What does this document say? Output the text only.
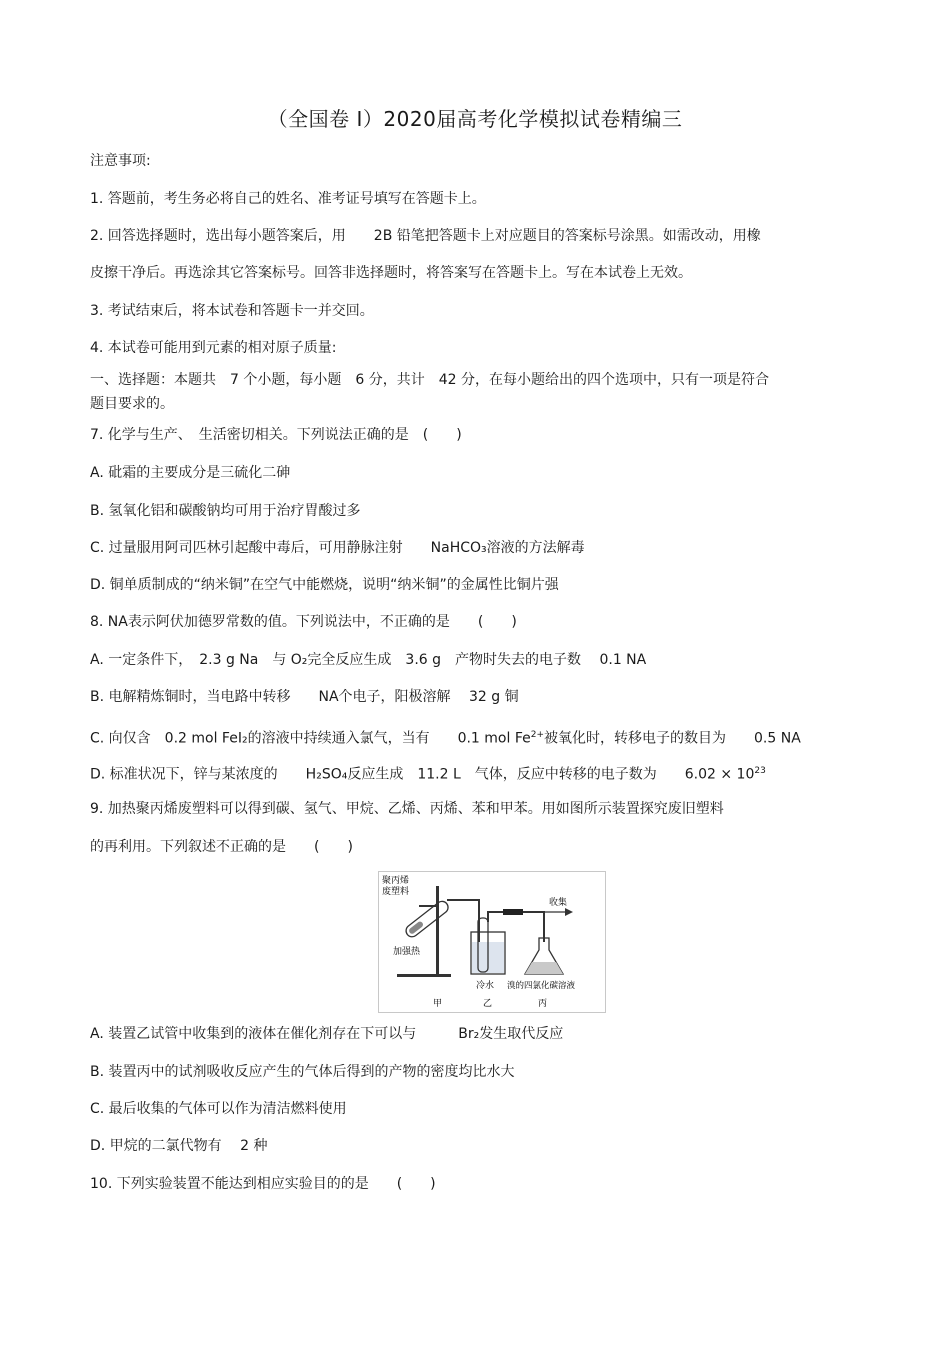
（全国卷 Ⅰ）2020届高考化学模拟试卷精编三
注意事项:
1. 答题前，考生务必将自己的姓名、准考证号填写在答题卡上。
2. 回答选择题时，选出每小题答案后，用　　2B 铅笔把答题卡上对应题目的答案标号涂黑。如需改动，用橡
皮擦干净后。再选涂其它答案标号。回答非选择题时，将答案写在答题卡上。写在本试卷上无效。
3. 考试结束后，将本试卷和答题卡一并交回。
4. 本试卷可能用到元素的相对原子质量:
一、选择题：本题共　7 个小题，每小题　6 分，共计　42 分，在每小题给出的四个选项中，只有一项是符合
题目要求的。
7. 化学与生产、　生活密切相关。下列说法正确的是　(　　)
A. 砒霜的主要成分是三硫化二砷
B. 氢氧化铝和碳酸钠均可用于治疗胃酸过多
C. 过量服用阿司匹林引起酸中毒后，可用静脉注射　　NaHCO₃溶液的方法解毒
D. 铜单质制成的“纳米铜”在空气中能燃烧，说明“纳米铜”的金属性比铜片强
8. NA表示阿伏加德罗常数的值。下列说法中，不正确的是　　(　　)
A. 一定条件下，　2.3 g Na　与 O₂完全反应生成　3.6 g　产物时失去的电子数　 0.1 NA
B. 电解精炼铜时，当电路中转移　　NA个电子，阳极溶解　 32 g 铜
C. 向仅含　0.2 mol FeI₂的溶液中持续通入氯气，当有　　0.1 mol $Fe^{2+}$被氧化时，转移电子的数目为　　0.5 NA
D. 标准状况下，锌与某浓度的　　H₂SO₄反应生成　11.2 L　气体，反应中转移的电子数为　　$6.02 \times 10^{23}$
9. 加热聚丙烯废塑料可以得到碳、氢气、甲烷、乙烯、丙烯、苯和甲苯。用如图所示装置探究废旧塑料
的再利用。下列叙述不正确的是　　(　　)
聚丙烯
废塑料
加强热
收集
冷水 溴的四氯化碳溶液
甲	乙	丙
A. 装置乙试管中收集到的液体在催化剂存在下可以与　　　Br₂发生取代反应
B. 装置丙中的试剂吸收反应产生的气体后得到的产物的密度均比水大
C. 最后收集的气体可以作为清洁燃料使用
D. 甲烷的二氯代物有　 2 种
10. 下列实验装置不能达到相应实验目的的是　　(　　)
